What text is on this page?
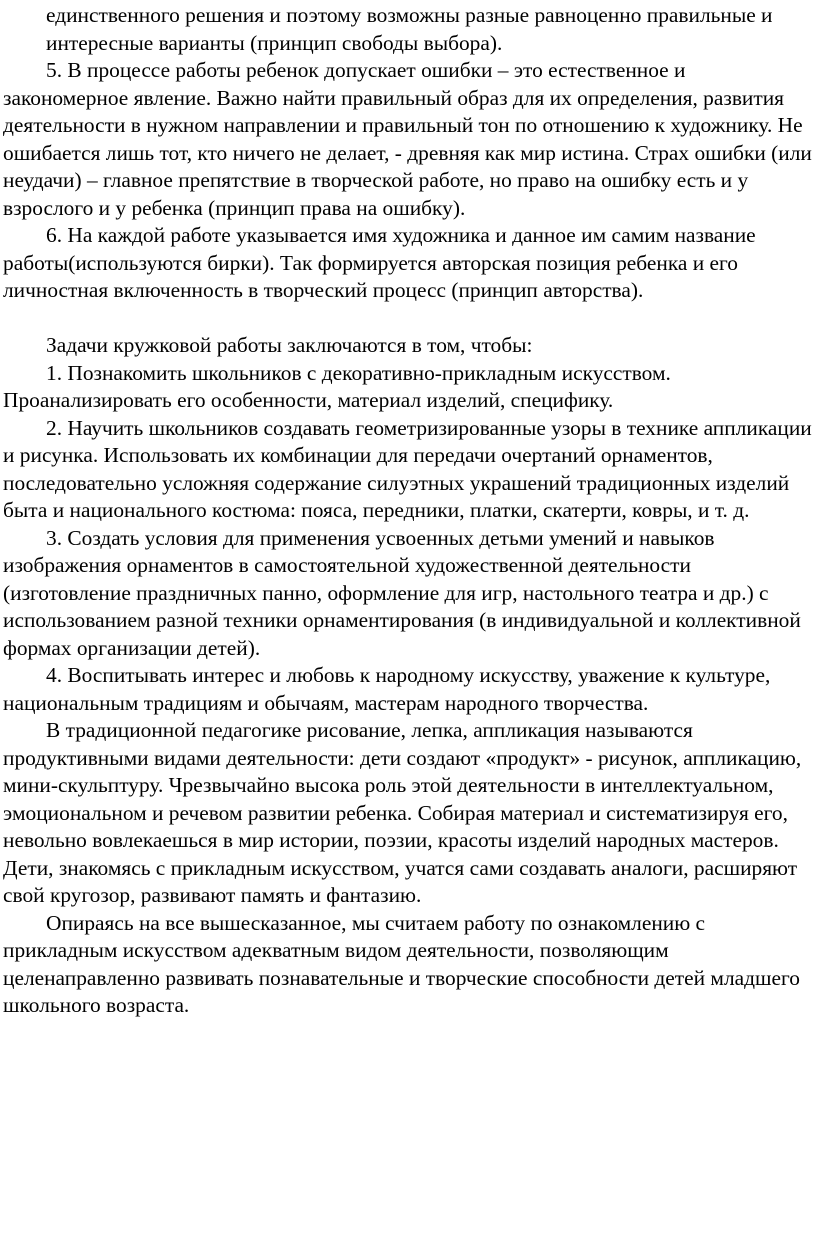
единственного решения и поэтому возможны разные равноценно правильные и интересные варианты (принцип свободы выбора).

5. В процессе работы ребенок допускает ошибки – это естественное и закономерное явление. Важно найти правильный образ для их определения, развития деятельности в нужном направлении и правильный тон по отношению к художнику. Не ошибается лишь тот, кто ничего не делает, - древняя как мир истина. Страх ошибки (или неудачи) – главное препятствие в творческой работе, но право на ошибку есть и у взрослого и у ребенка (принцип права на ошибку).

6. На каждой работе указывается имя художника и данное им самим название работы(используются бирки). Так формируется авторская позиция ребенка и его личностная включенность в творческий процесс (принцип авторства).

Задачи кружковой работы заключаются в том, чтобы:

1. Познакомить школьников с декоративно-прикладным искусством. Проанализировать его особенности, материал изделий, специфику.

2. Научить школьников создавать геометризированные узоры в технике аппликации и рисунка. Использовать их комбинации для передачи очертаний орнаментов, последовательно усложняя содержание силуэтных украшений традиционных изделий быта и национального костюма: пояса, передники, платки, скатерти, ковры, и т. д.

3. Создать условия для применения усвоенных детьми умений и навыков изображения орнаментов в самостоятельной художественной деятельности (изготовление праздничных панно, оформление для игр, настольного театра и др.) с использованием разной техники орнаментирования (в индивидуальной и коллективной формах организации детей).

4. Воспитывать интерес и любовь к народному искусству, уважение к культуре, национальным традициям и обычаям, мастерам народного творчества.

В традиционной педагогике рисование, лепка, аппликация называются продуктивными видами деятельности: дети создают «продукт» - рисунок, аппликацию, мини-скульптуру. Чрезвычайно высока роль этой деятельности в интеллектуальном, эмоциональном и речевом развитии ребенка. Собирая материал и систематизируя его, невольно вовлекаешься в мир истории, поэзии, красоты изделий народных мастеров. Дети, знакомясь с прикладным искусством, учатся сами создавать аналоги, расширяют свой кругозор, развивают память и фантазию.

Опираясь на все вышесказанное, мы считаем работу по ознакомлению с прикладным искусством адекватным видом деятельности, позволяющим целенаправленно развивать познавательные и творческие способности детей младшего школьного возраста.
